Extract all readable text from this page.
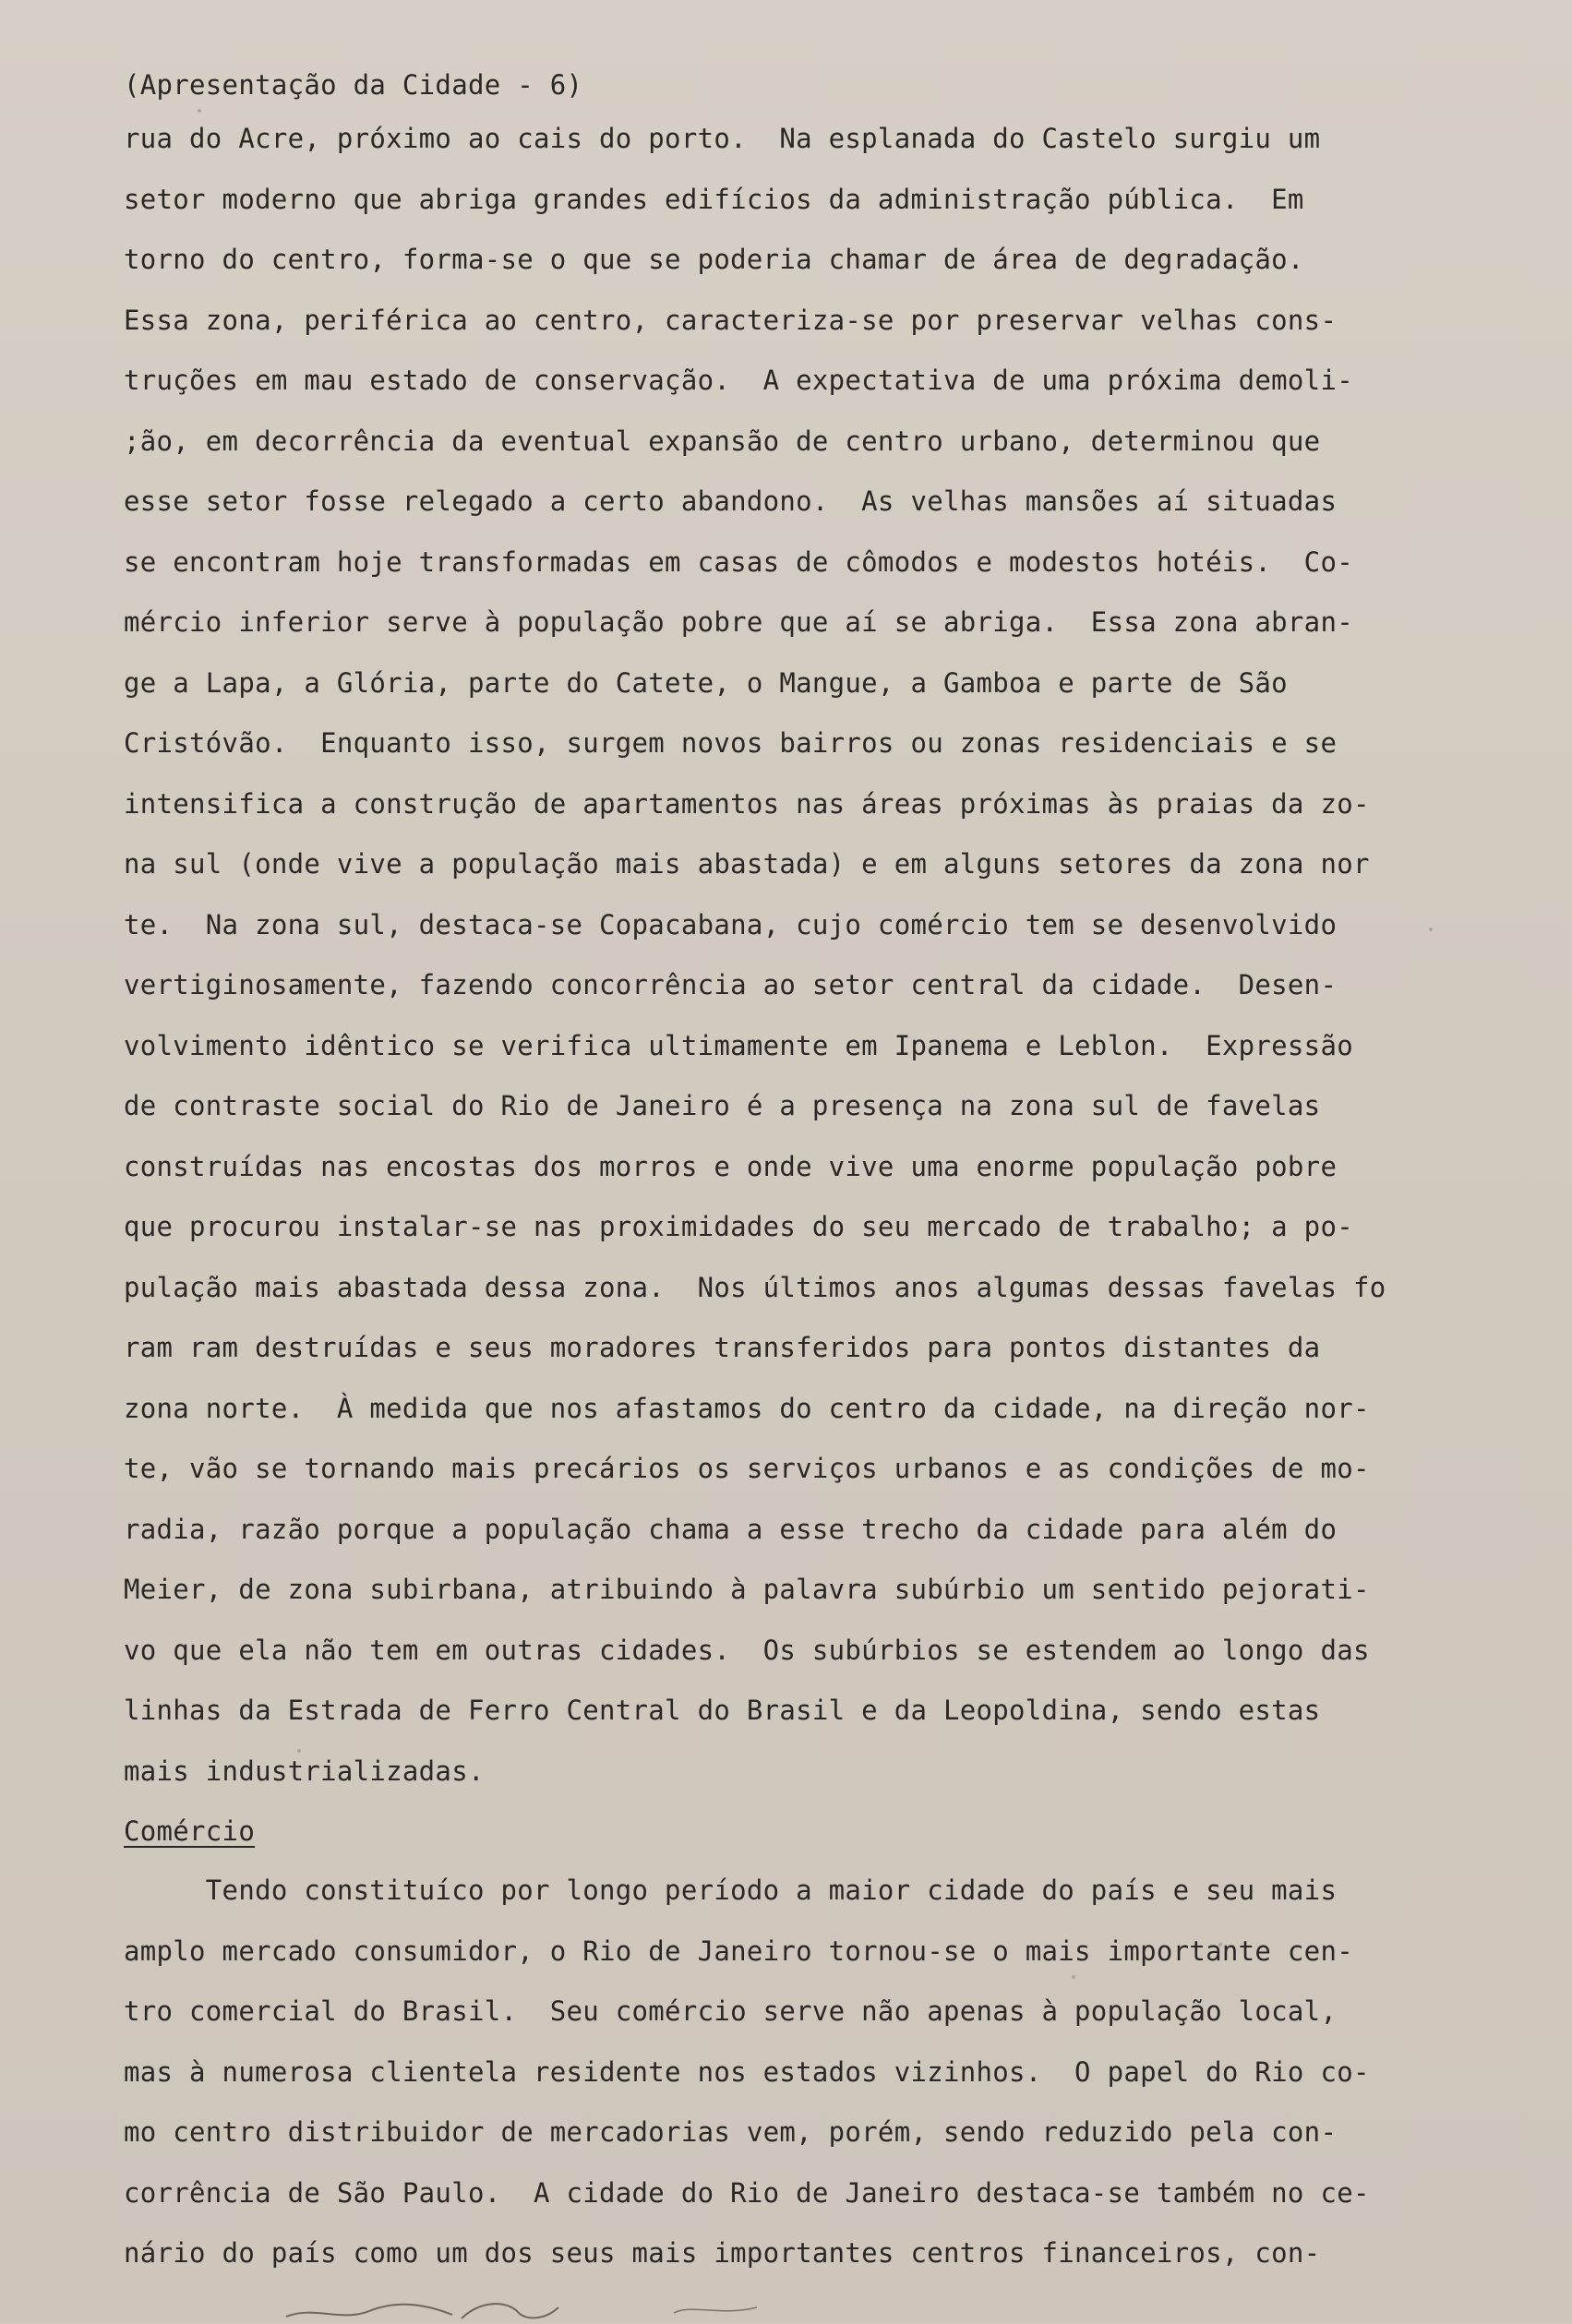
(Apresentação da Cidade - 6)
rua do Acre, próximo ao cais do porto.  Na esplanada do Castelo surgiu um
setor moderno que abriga grandes edifícios da administração pública.  Em
torno do centro, forma-se o que se poderia chamar de área de degradação.
Essa zona, periférica ao centro, caracteriza-se por preservar velhas cons-
truções em mau estado de conservação.  A expectativa de uma próxima demoli-
;ão, em decorrência da eventual expansão de centro urbano, determinou que
esse setor fosse relegado a certo abandono.  As velhas mansões aí situadas
se encontram hoje transformadas em casas de cômodos e modestos hotéis.  Co-
mércio inferior serve à população pobre que aí se abriga.  Essa zona abran-
ge a Lapa, a Glória, parte do Catete, o Mangue, a Gamboa e parte de São
Cristóvão.  Enquanto isso, surgem novos bairros ou zonas residenciais e se
intensifica a construção de apartamentos nas áreas próximas às praias da zo-
na sul (onde vive a população mais abastada) e em alguns setores da zona nor
te.  Na zona sul, destaca-se Copacabana, cujo comércio tem se desenvolvido
vertiginosamente, fazendo concorrência ao setor central da cidade.  Desen-
volvimento idêntico se verifica ultimamente em Ipanema e Leblon.  Expressão
de contraste social do Rio de Janeiro é a presença na zona sul de favelas
construídas nas encostas dos morros e onde vive uma enorme população pobre
que procurou instalar-se nas proximidades do seu mercado de trabalho; a po-
pulação mais abastada dessa zona.  Nos últimos anos algumas dessas favelas fo
ram ram destruídas e seus moradores transferidos para pontos distantes da
zona norte.  À medida que nos afastamos do centro da cidade, na direção nor-
te, vão se tornando mais precários os serviços urbanos e as condições de mo-
radia, razão porque a população chama a esse trecho da cidade para além do
Meier, de zona subirbana, atribuindo à palavra subúrbio um sentido pejorati-
vo que ela não tem em outras cidades.  Os subúrbios se estendem ao longo das
linhas da Estrada de Ferro Central do Brasil e da Leopoldina, sendo estas
mais industrializadas.
Comércio
Tendo constituíco por longo período a maior cidade do país e seu mais
amplo mercado consumidor, o Rio de Janeiro tornou-se o mais importante cen-
tro comercial do Brasil.  Seu comércio serve não apenas à população local,
mas à numerosa clientela residente nos estados vizinhos.  O papel do Rio co-
mo centro distribuidor de mercadorias vem, porém, sendo reduzido pela con-
corrência de São Paulo.  A cidade do Rio de Janeiro destaca-se também no ce-
nário do país como um dos seus mais importantes centros financeiros, con-
